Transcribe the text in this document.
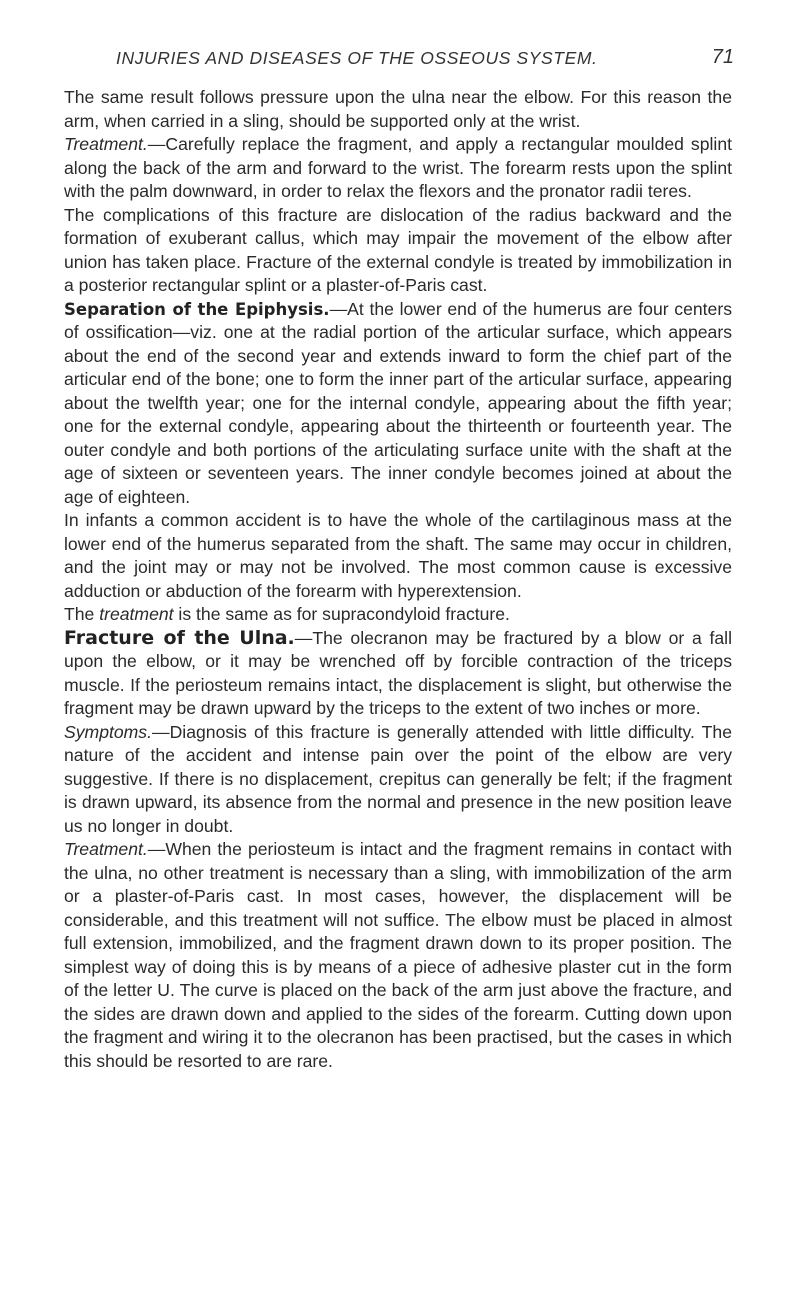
INJURIES AND DISEASES OF THE OSSEOUS SYSTEM.	71

The same result follows pressure upon the ulna near the elbow. For this reason the arm, when carried in a sling, should be supported only at the wrist.

Treatment.—Carefully replace the fragment, and apply a rectangular moulded splint along the back of the arm and forward to the wrist. The forearm rests upon the splint with the palm downward, in order to relax the flexors and the pronator radii teres.

The complications of this fracture are dislocation of the radius backward and the formation of exuberant callus, which may impair the movement of the elbow after union has taken place. Fracture of the external condyle is treated by immobilization in a posterior rectangular splint or a plaster-of-Paris cast.

Separation of the Epiphysis.—At the lower end of the humerus are four centers of ossification—viz. one at the radial portion of the articular surface, which appears about the end of the second year and extends inward to form the chief part of the articular end of the bone; one to form the inner part of the articular surface, appearing about the twelfth year; one for the internal condyle, appearing about the fifth year; one for the external condyle, appearing about the thirteenth or fourteenth year. The outer condyle and both portions of the articulating surface unite with the shaft at the age of sixteen or seventeen years. The inner condyle becomes joined at about the age of eighteen.

In infants a common accident is to have the whole of the cartilaginous mass at the lower end of the humerus separated from the shaft. The same may occur in children, and the joint may or may not be involved. The most common cause is excessive adduction or abduction of the forearm with hyperextension.

The treatment is the same as for supracondyloid fracture.

Fracture of the Ulna.—The olecranon may be fractured by a blow or a fall upon the elbow, or it may be wrenched off by forcible contraction of the triceps muscle. If the periosteum remains intact, the displacement is slight, but otherwise the fragment may be drawn upward by the triceps to the extent of two inches or more.

Symptoms.—Diagnosis of this fracture is generally attended with little difficulty. The nature of the accident and intense pain over the point of the elbow are very suggestive. If there is no displacement, crepitus can generally be felt; if the fragment is drawn upward, its absence from the normal and presence in the new position leave us no longer in doubt.

Treatment.—When the periosteum is intact and the fragment remains in contact with the ulna, no other treatment is necessary than a sling, with immobilization of the arm or a plaster-of-Paris cast. In most cases, however, the displacement will be considerable, and this treatment will not suffice. The elbow must be placed in almost full extension, immobilized, and the fragment drawn down to its proper position. The simplest way of doing this is by means of a piece of adhesive plaster cut in the form of the letter U. The curve is placed on the back of the arm just above the fracture, and the sides are drawn down and applied to the sides of the forearm. Cutting down upon the fragment and wiring it to the olecranon has been practised, but the cases in which this should be resorted to are rare.
